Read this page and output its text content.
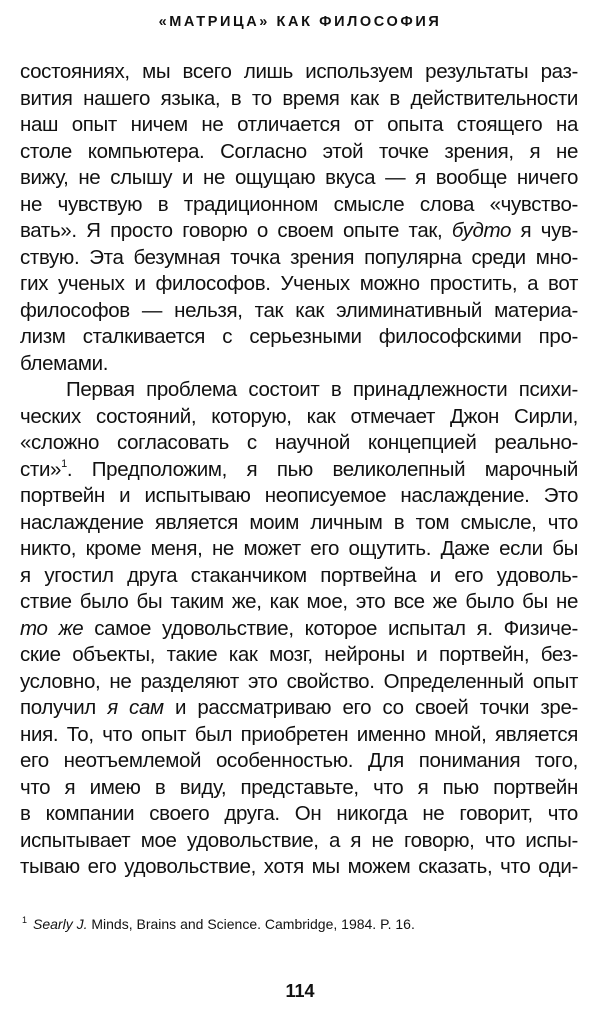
«МАТРИЦА» КАК ФИЛОСОФИЯ
состояниях, мы всего лишь используем результаты раз-
вития нашего языка, в то время как в действительности
наш опыт ничем не отличается от опыта стоящего на
столе компьютера. Согласно этой точке зрения, я не
вижу, не слышу и не ощущаю вкуса — я вообще ничего
не чувствую в традиционном смысле слова «чувство-
вать». Я просто говорю о своем опыте так, будто я чув-
ствую. Эта безумная точка зрения популярна среди мно-
гих ученых и философов. Ученых можно простить, а вот
философов — нельзя, так как элиминативный материа-
лизм сталкивается с серьезными философскими про-
блемами.
Первая проблема состоит в принадлежности психи-
ческих состояний, которую, как отмечает Джон Сирли,
«сложно согласовать с научной концепцией реально-
сти»$^1$. Предположим, я пью великолепный марочный
портвейн и испытываю неописуемое наслаждение. Это
наслаждение является моим личным в том смысле, что
никто, кроме меня, не может его ощутить. Даже если бы
я угостил друга стаканчиком портвейна и его удоволь-
ствие было бы таким же, как мое, это все же было бы не
то же самое удовольствие, которое испытал я. Физиче-
ские объекты, такие как мозг, нейроны и портвейн, без-
условно, не разделяют это свойство. Определенный опыт
получил я сам и рассматриваю его со своей точки зре-
ния. То, что опыт был приобретен именно мной, является
его неотъемлемой особенностью. Для понимания того,
что я имею в виду, представьте, что я пью портвейн
в компании своего друга. Он никогда не говорит, что
испытывает мое удовольствие, а я не говорю, что испы-
тываю его удовольствие, хотя мы можем сказать, что оди-
$^1$ Searly J. Minds, Brains and Science. Cambridge, 1984. P. 16.
114
